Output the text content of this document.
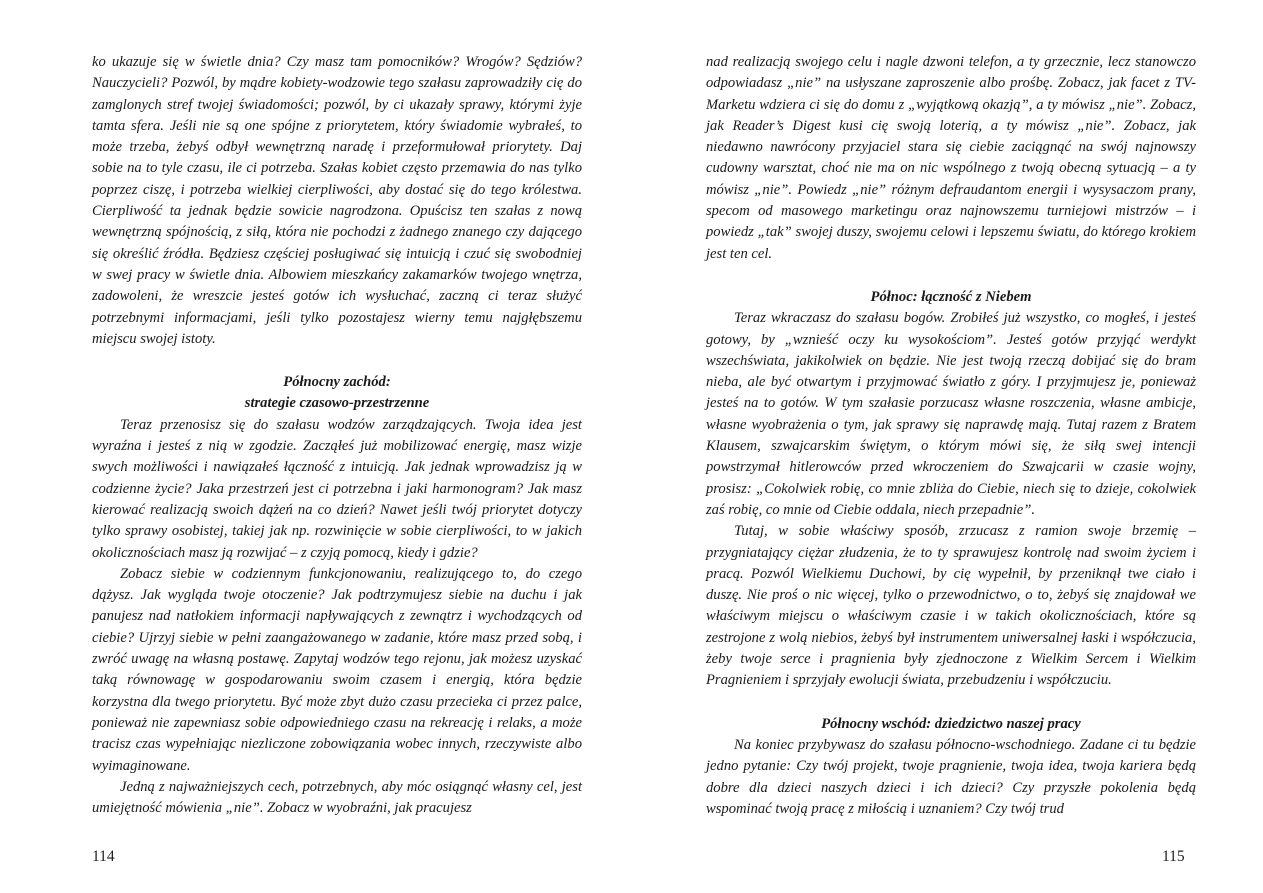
ko ukazuje się w świetle dnia? Czy masz tam pomocników? Wrogów? Sędziów? Nauczycieli? Pozwól, by mądre kobiety-wodzowie tego szałasu zaprowadziły cię do zamglonych stref twojej świadomości; pozwól, by ci ukazały sprawy, którymi żyje tamta sfera. Jeśli nie są one spójne z priorytetem, który świadomie wybrałeś, to może trzeba, żebyś odbył wewnętrzną naradę i przeformułował priorytety. Daj sobie na to tyle czasu, ile ci potrzeba. Szałas kobiet często przemawia do nas tylko poprzez ciszę, i potrzeba wielkiej cierpliwości, aby dostać się do tego królestwa. Cierpliwość ta jednak będzie sowicie nagrodzona. Opuścisz ten szałas z nową wewnętrzną spójnością, z siłą, która nie pochodzi z żadnego znanego czy dającego się określić źródła. Będziesz częściej posługiwać się intuicją i czuć się swobodniej w swej pracy w świetle dnia. Albowiem mieszkańcy zakamarków twojego wnętrza, zadowoleni, że wreszcie jesteś gotów ich wysłuchać, zaczną ci teraz służyć potrzebnymi informacjami, jeśli tylko pozostajesz wierny temu najgłębszemu miejscu swojej istoty.

Północny zachód:

strategie czasowo-przestrzenne

Teraz przenosisz się do szałasu wodzów zarządzających. Twoja idea jest wyraźna i jesteś z nią w zgodzie. Zacząłeś już mobilizować energię, masz wizje swych możliwości i nawiązałeś łączność z intuicją. Jak jednak wprowadzisz ją w codzienne życie? Jaka przestrzeń jest ci potrzebna i jaki harmonogram? Jak masz kierować realizacją swoich dążeń na co dzień? Nawet jeśli twój priorytet dotyczy tylko sprawy osobistej, takiej jak np. rozwinięcie w sobie cierpliwości, to w jakich okolicznościach masz ją rozwijać – z czyją pomocą, kiedy i gdzie?

Zobacz siebie w codziennym funkcjonowaniu, realizującego to, do czego dążysz. Jak wygląda twoje otoczenie? Jak podtrzymujesz siebie na duchu i jak panujesz nad natłokiem informacji napływających z zewnątrz i wychodzących od ciebie? Ujrzyj siebie w pełni zaangażowanego w zadanie, które masz przed sobą, i zwróć uwagę na własną postawę. Zapytaj wodzów tego rejonu, jak możesz uzyskać taką równowagę w gospodarowaniu swoim czasem i energią, która będzie korzystna dla twego priorytetu. Być może zbyt dużo czasu przecieka ci przez palce, ponieważ nie zapewniasz sobie odpowiedniego czasu na rekreację i relaks, a może tracisz czas wypełniając niezliczone zobowiązania wobec innych, rzeczywiste albo wyimaginowane.

Jedną z najważniejszych cech, potrzebnych, aby móc osiągnąć własny cel, jest umiejętność mówienia „nie”. Zobacz w wyobraźni, jak pracujesz

nad realizacją swojego celu i nagle dzwoni telefon, a ty grzecznie, lecz stanowczo odpowiadasz „nie” na usłyszane zaproszenie albo prośbę. Zobacz, jak facet z TV-Marketu wdziera ci się do domu z „wyjątkową okazją”, a ty mówisz „nie”. Zobacz, jak Reader’s Digest kusi cię swoją loterią, a ty mówisz „nie”. Zobacz, jak niedawno nawrócony przyjaciel stara się ciebie zaciągnąć na swój najnowszy cudowny warsztat, choć nie ma on nic wspólnego z twoją obecną sytuacją – a ty mówisz „nie”. Powiedz „nie” różnym defraudantom energii i wysysaczom prany, specom od masowego marketingu oraz najnowszemu turniejowi mistrzów – i powiedz „tak” swojej duszy, swojemu celowi i lepszemu światu, do którego krokiem jest ten cel.

Północ: łączność z Niebem

Teraz wkraczasz do szałasu bogów. Zrobiłeś już wszystko, co mogłeś, i jesteś gotowy, by „wznieść oczy ku wysokościom”. Jesteś gotów przyjąć werdykt wszechświata, jakikolwiek on będzie. Nie jest twoją rzeczą dobijać się do bram nieba, ale być otwartym i przyjmować światło z góry. I przyjmujesz je, ponieważ jesteś na to gotów. W tym szałasie porzucasz własne roszczenia, własne ambicje, własne wyobrażenia o tym, jak sprawy się naprawdę mają. Tutaj razem z Bratem Klausem, szwajcarskim świętym, o którym mówi się, że siłą swej intencji powstrzymał hitlerowców przed wkroczeniem do Szwajcarii w czasie wojny, prosisz: „Cokolwiek robię, co mnie zbliża do Ciebie, niech się to dzieje, cokolwiek zaś robię, co mnie od Ciebie oddala, niech przepadnie”.

Tutaj, w sobie właściwy sposób, zrzucasz z ramion swoje brzemię – przygniatający ciężar złudzenia, że to ty sprawujesz kontrolę nad swoim życiem i pracą. Pozwól Wielkiemu Duchowi, by cię wypełnił, by przeniknął twe ciało i duszę. Nie proś o nic więcej, tylko o przewodnictwo, o to, żebyś się znajdował we właściwym miejscu o właściwym czasie i w takich okolicznościach, które są zestrojone z wolą niebios, żebyś był instrumentem uniwersalnej łaski i współczucia, żeby twoje serce i pragnienia były zjednoczone z Wielkim Sercem i Wielkim Pragnieniem i sprzyjały ewolucji świata, przebudzeniu i współczuciu.

Północny wschód: dziedzictwo naszej pracy

Na koniec przybywasz do szałasu północno-wschodniego. Zadane ci tu będzie jedno pytanie: Czy twój projekt, twoje pragnienie, twoja idea, twoja kariera będą dobre dla dzieci naszych dzieci i ich dzieci? Czy przyszłe pokolenia będą wspominać twoją pracę z miłością i uznaniem? Czy twój trud

114	115
